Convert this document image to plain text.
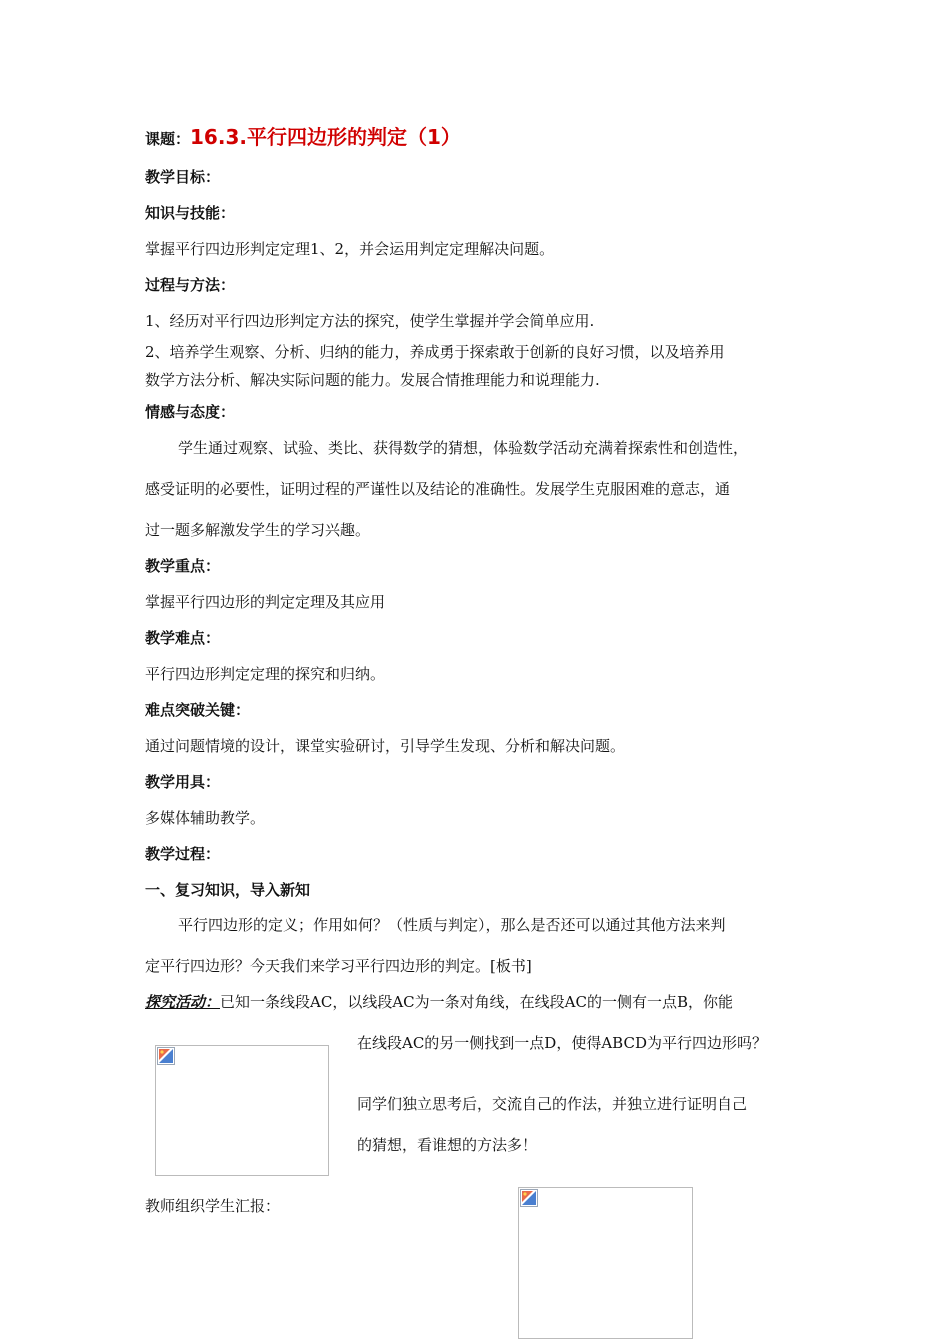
课题：16.3.平行四边形的判定（1）
教学目标：
知识与技能：
掌握平行四边形判定定理1、2，并会运用判定定理解决问题。
过程与方法：
1、经历对平行四边形判定方法的探究，使学生掌握并学会简单应用.
2、培养学生观察、分析、归纳的能力，养成勇于探索敢于创新的良好习惯，以及培养用
数学方法分析、解决实际问题的能力。发展合情推理能力和说理能力.
情感与态度：
学生通过观察、试验、类比、获得数学的猜想，体验数学活动充满着探索性和创造性，
感受证明的必要性，证明过程的严谨性以及结论的准确性。发展学生克服困难的意志，通
过一题多解激发学生的学习兴趣。
教学重点：
掌握平行四边形的判定定理及其应用
教学难点：
平行四边形判定定理的探究和归纳。
难点突破关键：
通过问题情境的设计，课堂实验研讨，引导学生发现、分析和解决问题。
教学用具：
多媒体辅助教学。
教学过程：
一、复习知识，导入新知
平行四边形的定义；作用如何？（性质与判定），那么是否还可以通过其他方法来判
定平行四边形？今天我们来学习平行四边形的判定。[板书]
探究活动：已知一条线段AC，以线段AC为一条对角线，在线段AC的一侧有一点B，你能
在线段AC的另一侧找到一点D，使得ABCD为平行四边形吗？
同学们独立思考后，交流自己的作法，并独立进行证明自己
的猜想，看谁想的方法多！
教师组织学生汇报：
